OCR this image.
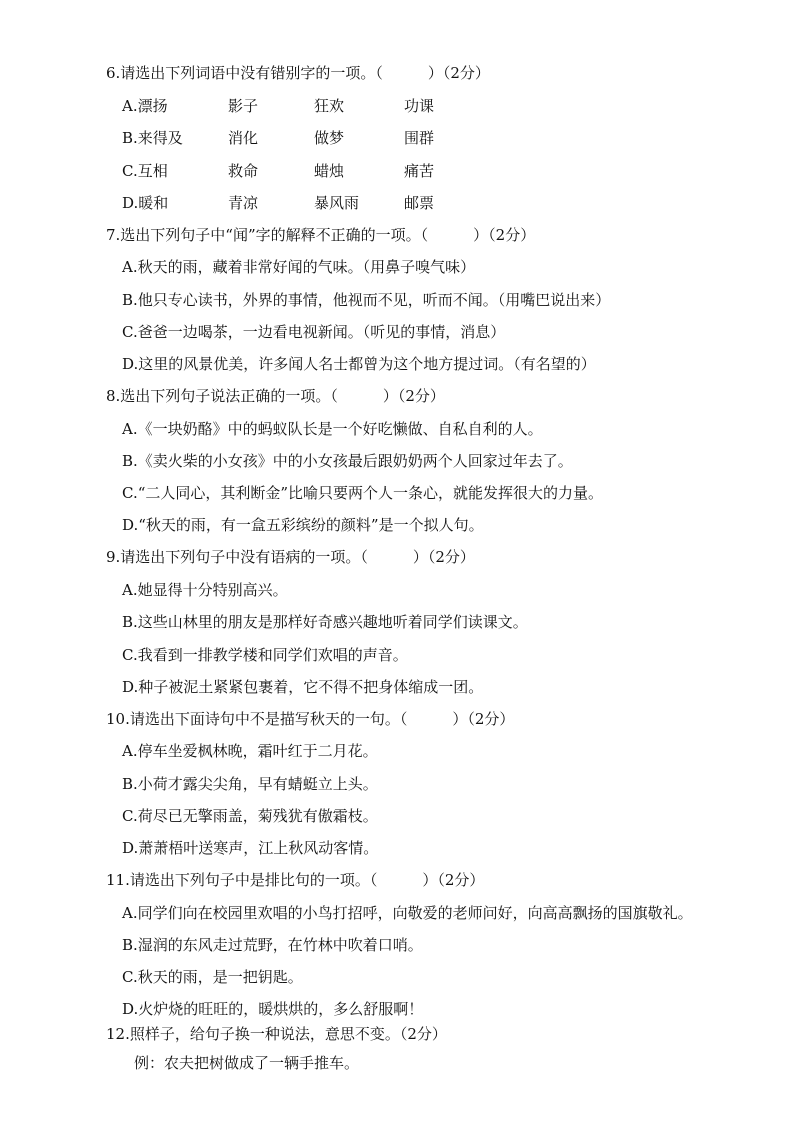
6.请选出下列词语中没有错别字的一项。（　　　）（2分）
A.漂扬	影子	狂欢	功课
B.来得及	消化	做梦	围群
C.互相	救命	蜡烛	痛苦
D.暖和	青凉	暴风雨	邮票
7.选出下列句子中“闻”字的解释不正确的一项。（　　　）（2分）
A.秋天的雨，藏着非常好闻的气味。（用鼻子嗅气味）
B.他只专心读书，外界的事情，他视而不见，听而不闻。（用嘴巴说出来）
C.爸爸一边喝茶，一边看电视新闻。（听见的事情，消息）
D.这里的风景优美，许多闻人名士都曾为这个地方提过词。（有名望的）
8.选出下列句子说法正确的一项。（　　　）（2分）
A.《一块奶酪》中的蚂蚁队长是一个好吃懒做、自私自利的人。
B.《卖火柴的小女孩》中的小女孩最后跟奶奶两个人回家过年去了。
C.“二人同心，其利断金”比喻只要两个人一条心，就能发挥很大的力量。
D.“秋天的雨，有一盒五彩缤纷的颜料”是一个拟人句。
9.请选出下列句子中没有语病的一项。（　　　）（2分）
A.她显得十分特别高兴。
B.这些山林里的朋友是那样好奇感兴趣地听着同学们读课文。
C.我看到一排教学楼和同学们欢唱的声音。
D.种子被泥土紧紧包裹着，它不得不把身体缩成一团。
10.请选出下面诗句中不是描写秋天的一句。（　　　）（2分）
A.停车坐爱枫林晚，霜叶红于二月花。
B.小荷才露尖尖角，早有蜻蜓立上头。
C.荷尽已无擎雨盖，菊残犹有傲霜枝。
D.萧萧梧叶送寒声，江上秋风动客情。
11.请选出下列句子中是排比句的一项。（　　　）（2分）
A.同学们向在校园里欢唱的小鸟打招呼，向敬爱的老师问好，向高高飘扬的国旗敬礼。
B.湿润的东风走过荒野，在竹林中吹着口哨。
C.秋天的雨，是一把钥匙。
D.火炉烧的旺旺的，暖烘烘的，多么舒服啊！
12.照样子，给句子换一种说法，意思不变。（2分）
例：农夫把树做成了一辆手推车。
